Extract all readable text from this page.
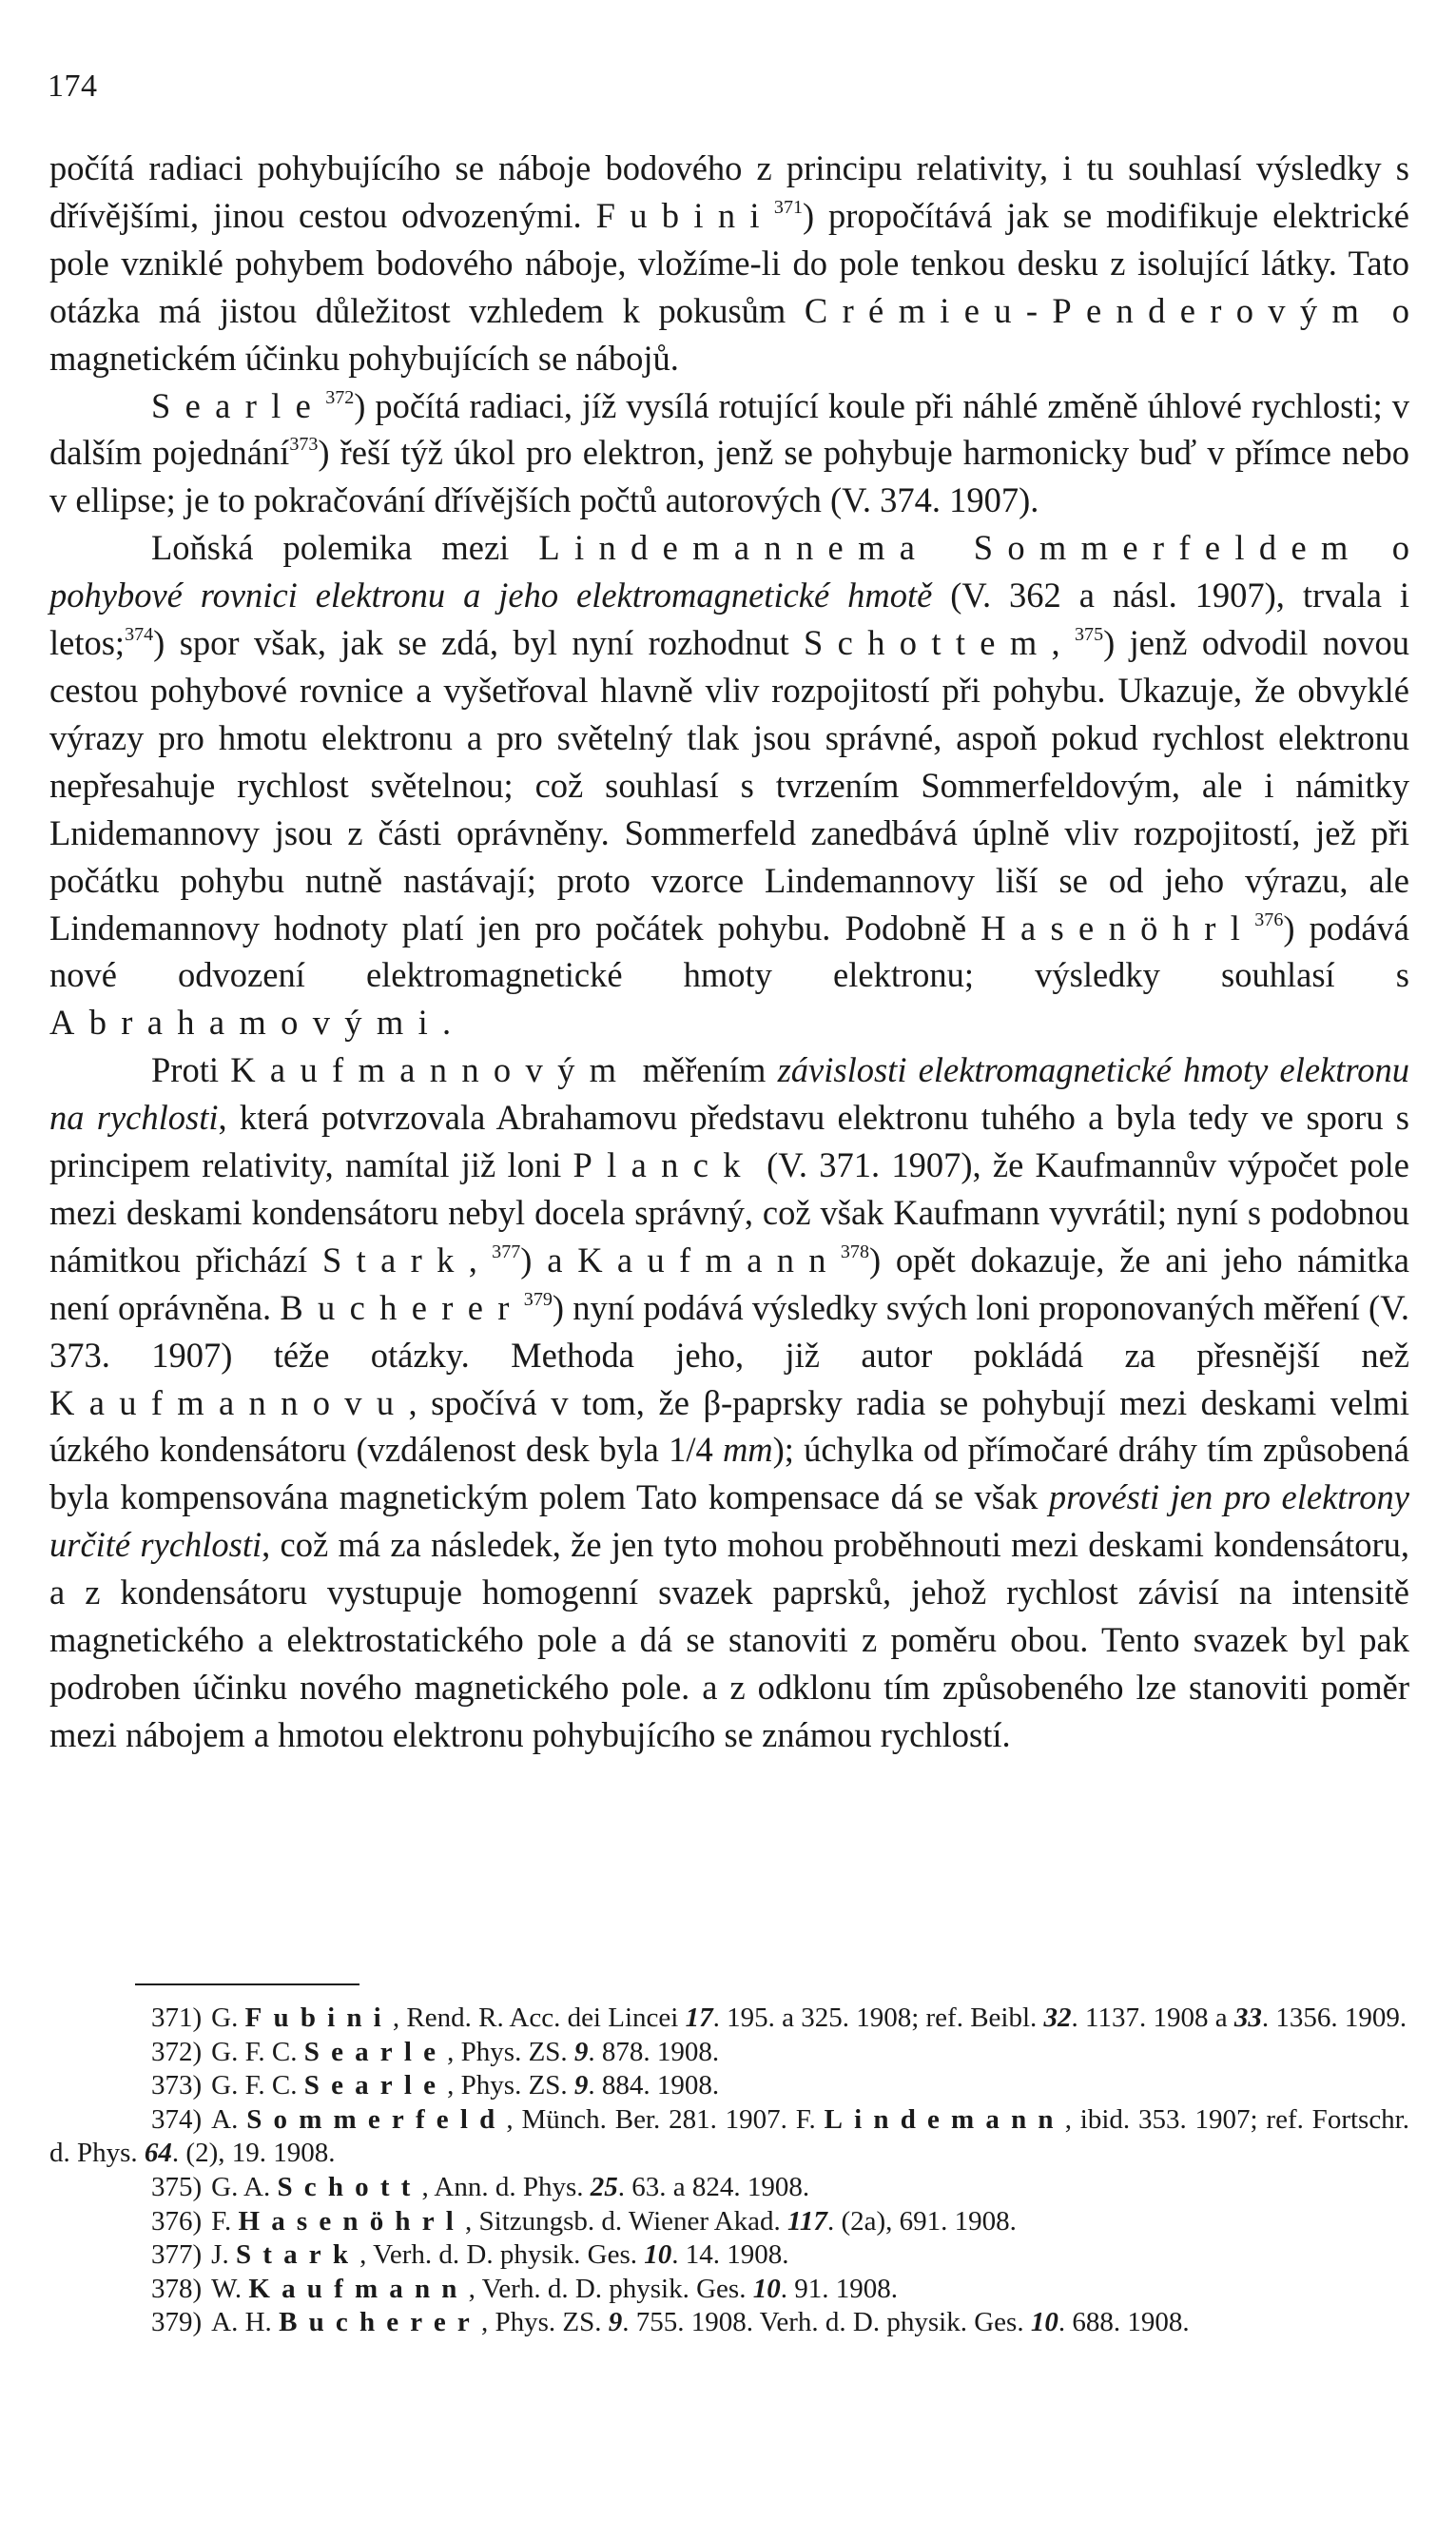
174

počítá radiaci pohybujícího se náboje bodového z principu relativity, i tu souhlasí výsledky s dřívějšími, jinou cestou odvozenými. Fubini$^{371}$) propočítává jak se modifikuje elektrické pole vzniklé pohybem bodového náboje, vložíme-li do pole tenkou desku z isolující látky. Tato otázka má jistou důležitost vzhledem k pokusům Crémieu-Penderovým o magnetickém účinku pohybujících se nábojů.

Searle$^{372}$) počítá radiaci, jíž vysílá rotující koule při náhlé změně úhlové rychlosti; v dalším pojednání$^{373}$) řeší týž úkol pro elektron, jenž se pohybuje harmonicky buď v přímce nebo v ellipse; je to pokračování dřívějších počtů autorových (V. 374. 1907).

Loňská polemika mezi Lindemannema Sommerfeldem o pohybové rovnici elektronu a jeho elektromagnetické hmotě (V. 362 a násl. 1907), trvala i letos;$^{374}$) spor však, jak se zdá, byl nyní rozhodnut Schottem,$^{375}$) jenž odvodil novou cestou pohybové rovnice a vyšetřoval hlavně vliv rozpojitostí při pohybu. Ukazuje, že obvyklé výrazy pro hmotu elektronu a pro světelný tlak jsou správné, aspoň pokud rychlost elektronu nepřesahuje rychlost světelnou; což souhlasí s tvrzením Sommerfeldovým, ale i námitky Lnidemannovy jsou z části oprávněny. Sommerfeld zanedbává úplně vliv rozpojitostí, jež při počátku pohybu nutně nastávají; proto vzorce Lindemannovy liší se od jeho výrazu, ale Lindemannovy hodnoty platí jen pro počátek pohybu. Podobně Hasenöhrl$^{376}$) podává nové odvození elektromagnetické hmoty elektronu; výsledky souhlasí s Abrahamovými.

Proti Kaufmannovým měřením závislosti elektromagnetické hmoty elektronu na rychlosti, která potvrzovala Abrahamovu představu elektronu tuhého a byla tedy ve sporu s principem relativity, namítal již loni Planck (V. 371. 1907), že Kaufmannův výpočet pole mezi deskami kondensátoru nebyl docela správný, což však Kaufmann vyvrátil; nyní s podobnou námitkou přichází Stark,$^{377}$) a Kaufmann$^{378}$) opět dokazuje, že ani jeho námitka není oprávněna. Bucherer$^{379}$) nyní podává výsledky svých loni proponovaných měření (V. 373. 1907) téže otázky. Methoda jeho, již autor pokládá za přesnější než Kaufmannovu, spočívá v tom, že β-paprsky radia se pohybují mezi deskami velmi úzkého kondensátoru (vzdálenost desk byla 1/4 mm); úchylka od přímočaré dráhy tím způsobená byla kompensována magnetickým polem Tato kompensace dá se však provésti jen pro elektrony určité rychlosti, což má za následek, že jen tyto mohou proběhnouti mezi deskami kondensátoru, a z kondensátoru vystupuje homogenní svazek paprsků, jehož rychlost závisí na intensitě magnetického a elektrostatického pole a dá se stanoviti z poměru obou. Tento svazek byl pak podroben účinku nového magnetického pole. a z odklonu tím způsobeného lze stanoviti poměr mezi nábojem a hmotou elektronu pohybujícího se známou rychlostí.

371) G. Fubini, Rend. R. Acc. dei Lincei 17. 195. a 325. 1908; ref. Beibl. 32. 1137. 1908 a 33. 1356. 1909.

372) G. F. C. Searle, Phys. ZS. 9. 878. 1908.

373) G. F. C. Searle, Phys. ZS. 9. 884. 1908.

374) A. Sommerfeld, Münch. Ber. 281. 1907. F. Lindemann, ibid. 353. 1907; ref. Fortschr. d. Phys. 64. (2), 19. 1908.

375) G. A. Schott, Ann. d. Phys. 25. 63. a 824. 1908.

376) F. Hasenöhrl, Sitzungsb. d. Wiener Akad. 117. (2a), 691. 1908.

377) J. Stark, Verh. d. D. physik. Ges. 10. 14. 1908.

378) W. Kaufmann, Verh. d. D. physik. Ges. 10. 91. 1908.

379) A. H. Bucherer, Phys. ZS. 9. 755. 1908. Verh. d. D. physik. Ges. 10. 688. 1908.
